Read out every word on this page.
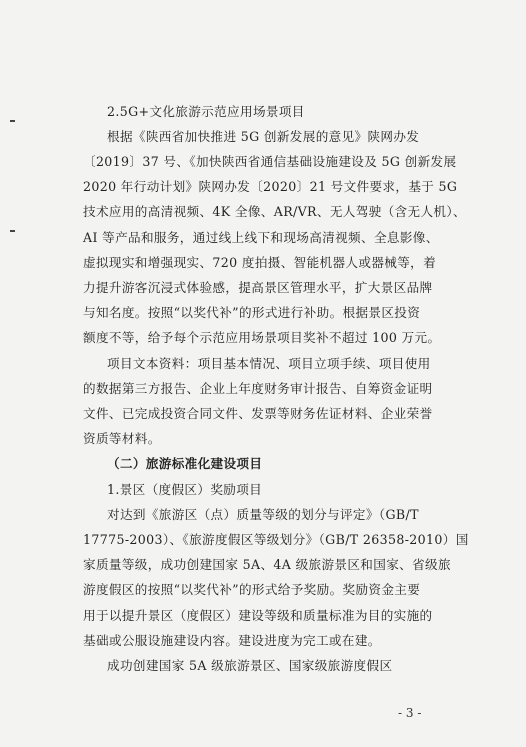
2.5G+文化旅游示范应用场景项目
根据《陕西省加快推进 5G 创新发展的意见》陕网办发
〔2019〕37 号、《加快陕西省通信基础设施建设及 5G 创新发展
2020 年行动计划》陕网办发〔2020〕21 号文件要求，基于 5G
技术应用的高清视频、4K 全像、AR/VR、无人驾驶（含无人机）、
AI 等产品和服务，通过线上线下和现场高清视频、全息影像、
虚拟现实和增强现实、720 度拍摄、智能机器人或器械等，着
力提升游客沉浸式体验感，提高景区管理水平，扩大景区品牌
与知名度。按照“以奖代补”的形式进行补助。根据景区投资
额度不等，给予每个示范应用场景项目奖补不超过 100 万元。
项目文本资料：项目基本情况、项目立项手续、项目使用
的数据第三方报告、企业上年度财务审计报告、自筹资金证明
文件、已完成投资合同文件、发票等财务佐证材料、企业荣誉
资质等材料。
（二）旅游标准化建设项目
1.景区（度假区）奖励项目
对达到《旅游区（点）质量等级的划分与评定》（GB/T
17775-2003）、《旅游度假区等级划分》（GB/T 26358-2010）国
家质量等级，成功创建国家 5A、4A 级旅游景区和国家、省级旅
游度假区的按照“以奖代补”的形式给予奖励。奖励资金主要
用于以提升景区（度假区）建设等级和质量标准为目的实施的
基础或公服设施建设内容。建设进度为完工或在建。
成功创建国家 5A 级旅游景区、国家级旅游度假区
- 3 -
